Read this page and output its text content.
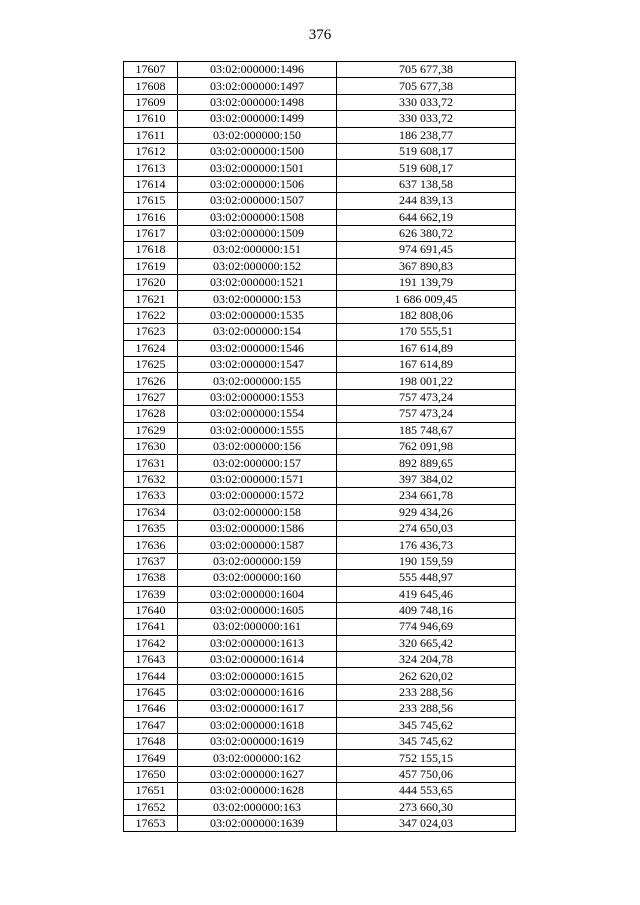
376
17607	03:02:000000:1496	705 677,38
17608	03:02:000000:1497	705 677,38
17609	03:02:000000:1498	330 033,72
17610	03:02:000000:1499	330 033,72
17611	03:02:000000:150	186 238,77
17612	03:02:000000:1500	519 608,17
17613	03:02:000000:1501	519 608,17
17614	03:02:000000:1506	637 138,58
17615	03:02:000000:1507	244 839,13
17616	03:02:000000:1508	644 662,19
17617	03:02:000000:1509	626 380,72
17618	03:02:000000:151	974 691,45
17619	03:02:000000:152	367 890,83
17620	03:02:000000:1521	191 139,79
17621	03:02:000000:153	1 686 009,45
17622	03:02:000000:1535	182 808,06
17623	03:02:000000:154	170 555,51
17624	03:02:000000:1546	167 614,89
17625	03:02:000000:1547	167 614,89
17626	03:02:000000:155	198 001,22
17627	03:02:000000:1553	757 473,24
17628	03:02:000000:1554	757 473,24
17629	03:02:000000:1555	185 748,67
17630	03:02:000000:156	762 091,98
17631	03:02:000000:157	892 889,65
17632	03:02:000000:1571	397 384,02
17633	03:02:000000:1572	234 661,78
17634	03:02:000000:158	929 434,26
17635	03:02:000000:1586	274 650,03
17636	03:02:000000:1587	176 436,73
17637	03:02:000000:159	190 159,59
17638	03:02:000000:160	555 448,97
17639	03:02:000000:1604	419 645,46
17640	03:02:000000:1605	409 748,16
17641	03:02:000000:161	774 946,69
17642	03:02:000000:1613	320 665,42
17643	03:02:000000:1614	324 204,78
17644	03:02:000000:1615	262 620,02
17645	03:02:000000:1616	233 288,56
17646	03:02:000000:1617	233 288,56
17647	03:02:000000:1618	345 745,62
17648	03:02:000000:1619	345 745,62
17649	03:02:000000:162	752 155,15
17650	03:02:000000:1627	457 750,06
17651	03:02:000000:1628	444 553,65
17652	03:02:000000:163	273 660,30
17653	03:02:000000:1639	347 024,03
